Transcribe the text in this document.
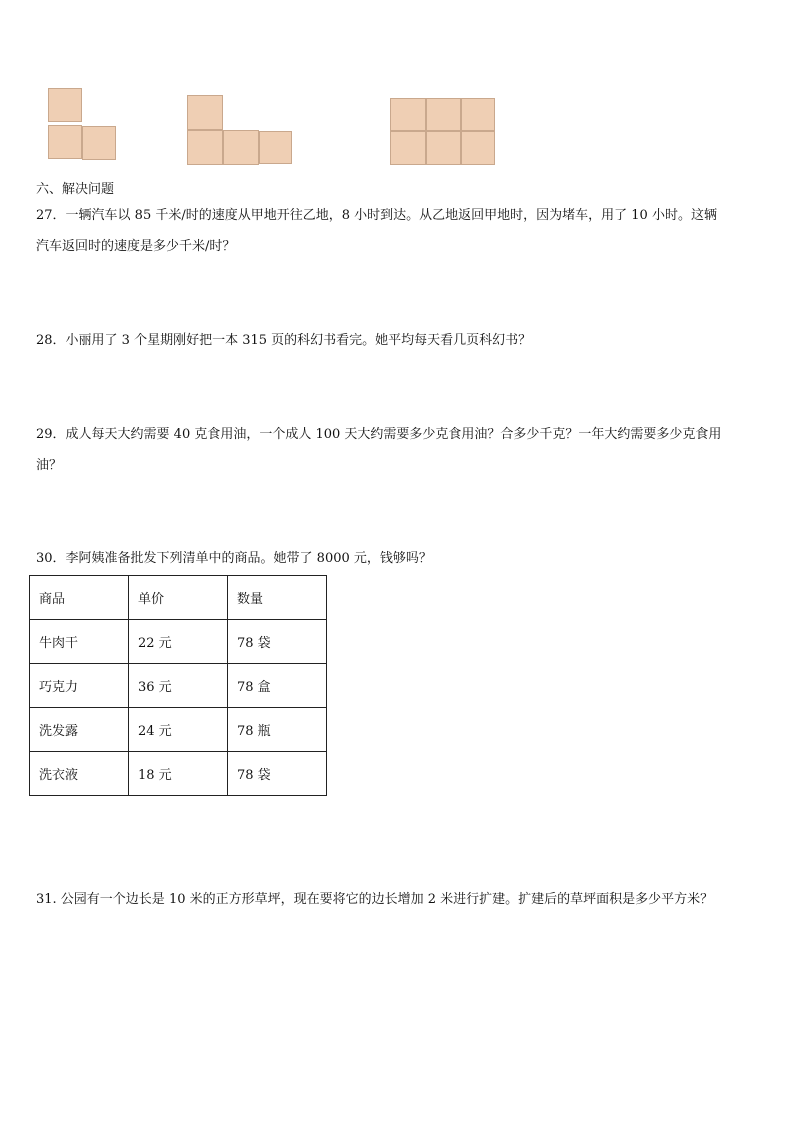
六、解决问题
27．一辆汽车以 85 千米/时的速度从甲地开往乙地，8 小时到达。从乙地返回甲地时，因为堵车，用了 10 小时。这辆
汽车返回时的速度是多少千米/时？
28．小丽用了 3 个星期刚好把一本 315 页的科幻书看完。她平均每天看几页科幻书？
29．成人每天大约需要 40 克食用油，一个成人 100 天大约需要多少克食用油？合多少千克？一年大约需要多少克食用
油？
30．李阿姨准备批发下列清单中的商品。她带了 8000 元，钱够吗？
商品	单价	数量
牛肉干	22 元	78 袋
巧克力	36 元	78 盒
洗发露	24 元	78 瓶
洗衣液	18 元	78 袋
31. 公园有一个边长是 10 米的正方形草坪，现在要将它的边长增加 2 米进行扩建。扩建后的草坪面积是多少平方米？
